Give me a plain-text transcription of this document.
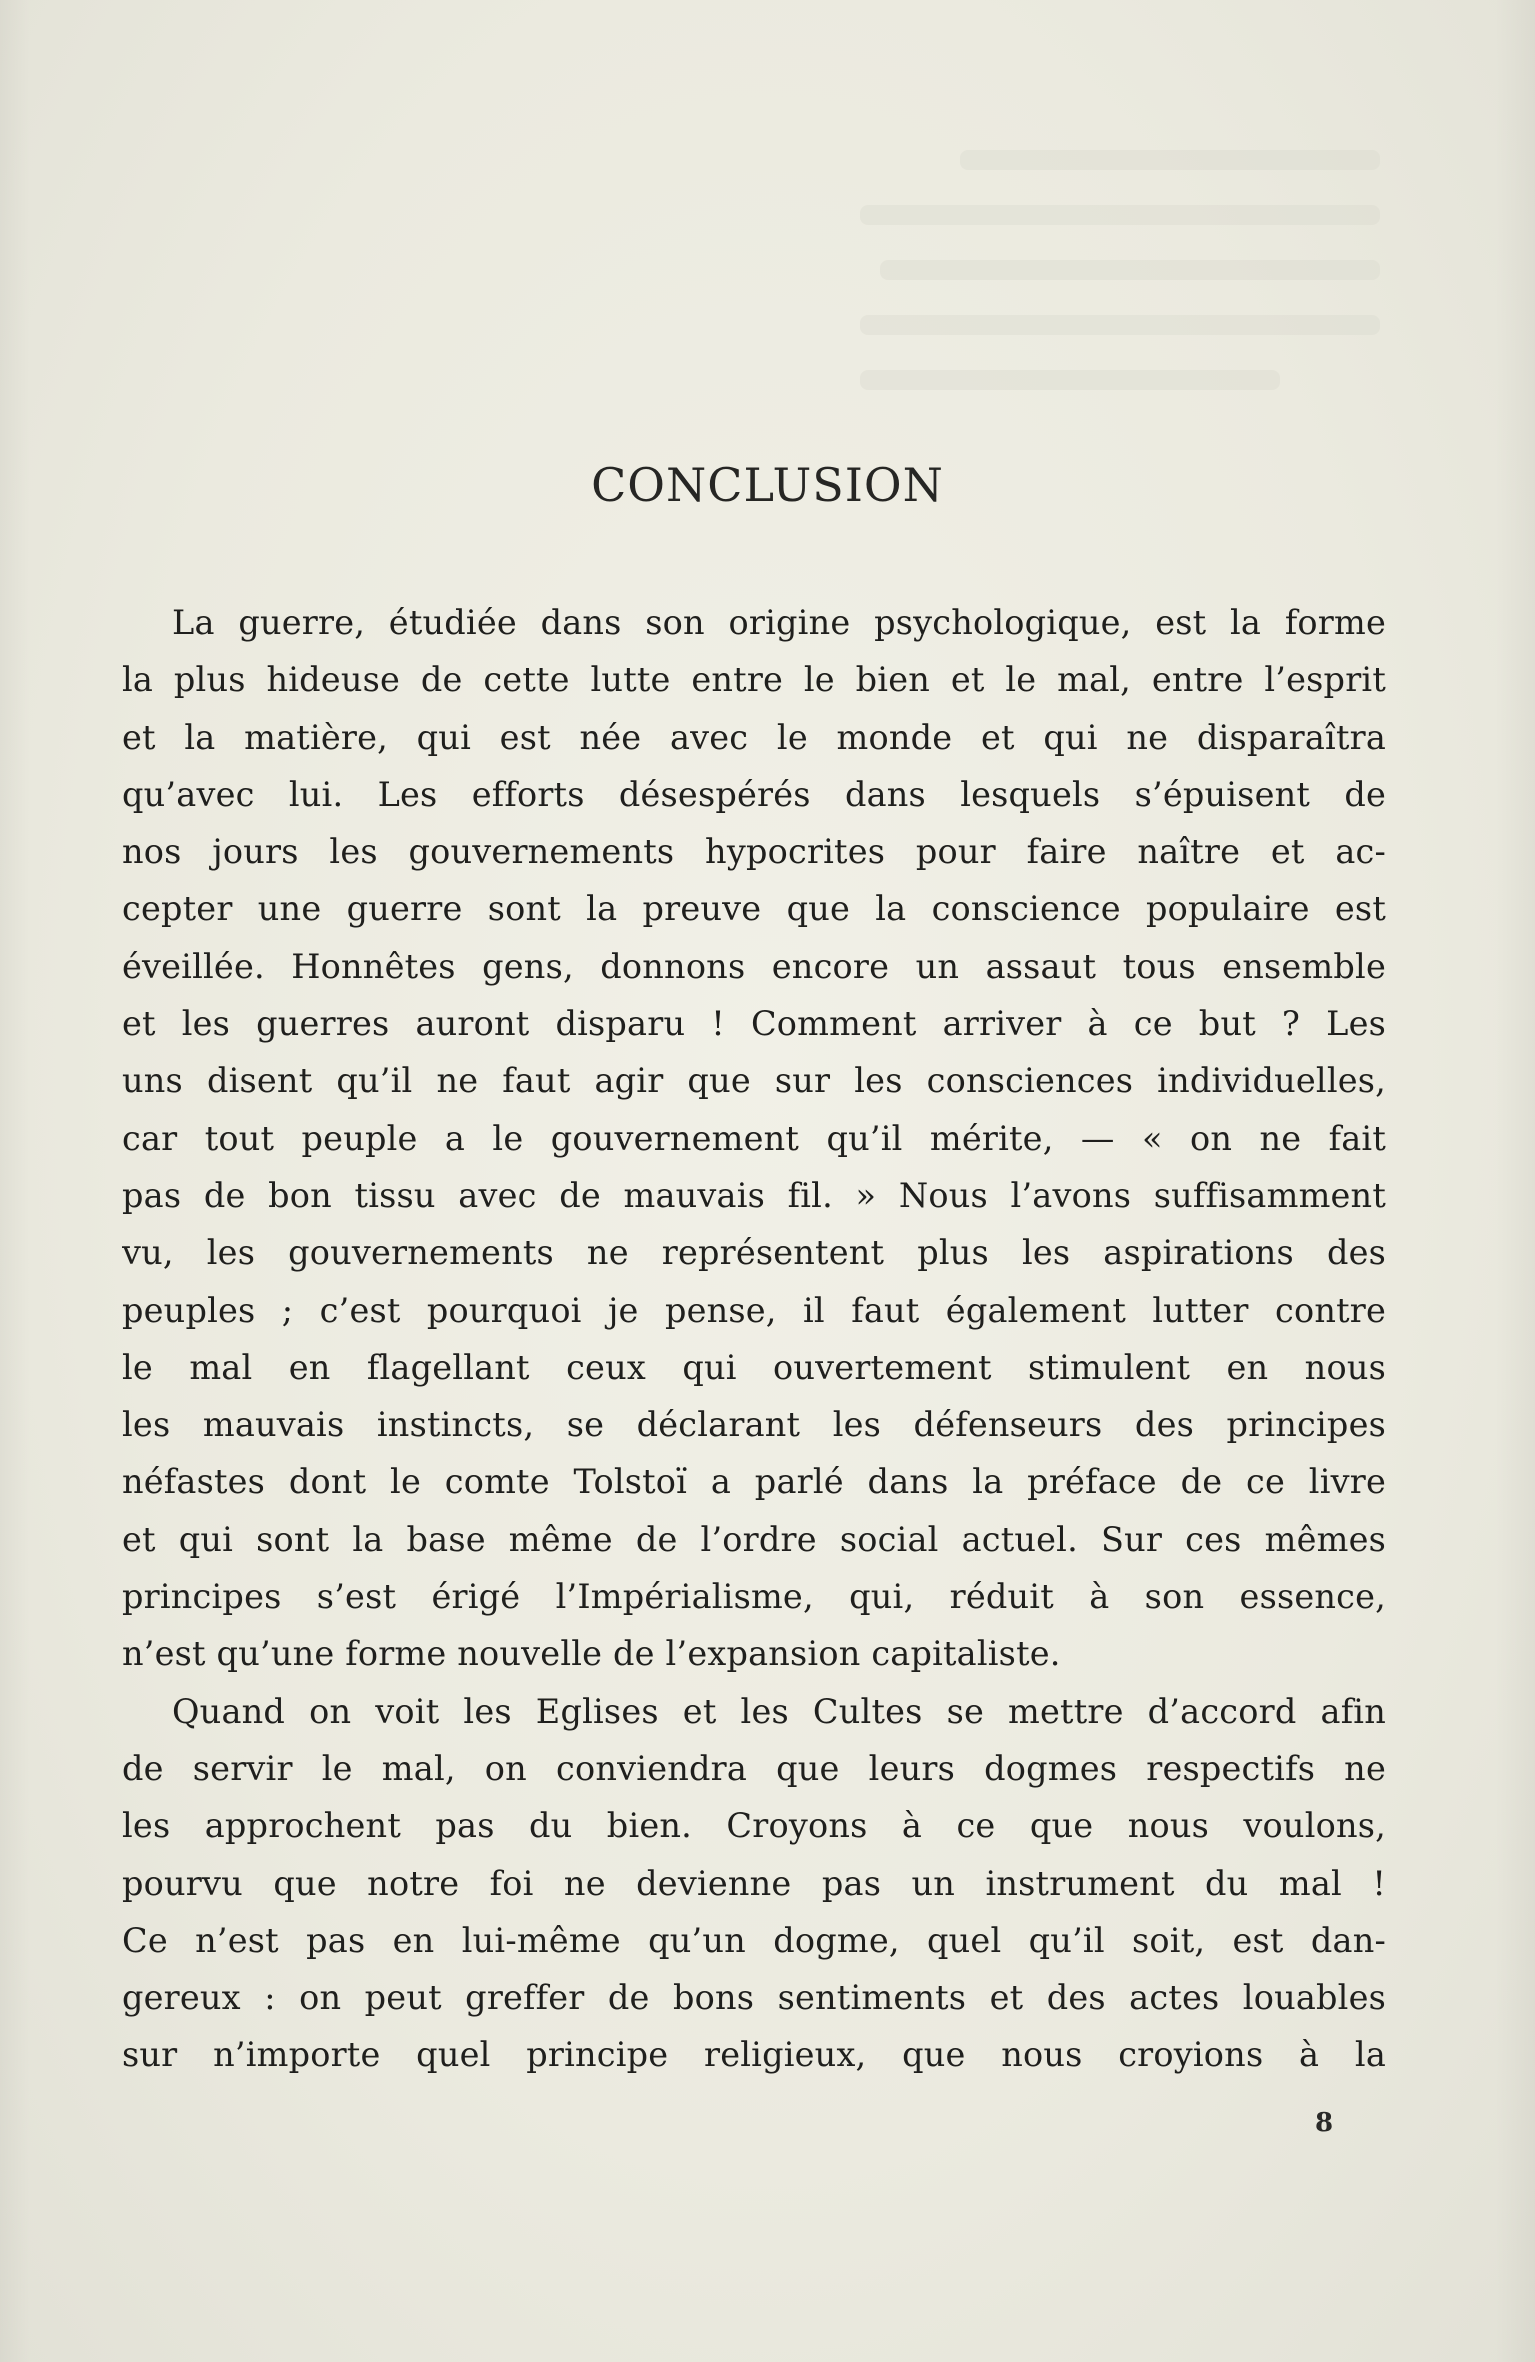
CONCLUSION

La guerre, étudiée dans son origine psychologique, est la forme
la plus hideuse de cette lutte entre le bien et le mal, entre l’esprit
et la matière, qui est née avec le monde et qui ne disparaîtra
qu’avec lui. Les efforts désespérés dans lesquels s’épuisent de
nos jours les gouvernements hypocrites pour faire naître et ac-
cepter une guerre sont la preuve que la conscience populaire est
éveillée. Honnêtes gens, donnons encore un assaut tous ensemble
et les guerres auront disparu ! Comment arriver à ce but ? Les
uns disent qu’il ne faut agir que sur les consciences individuelles,
car tout peuple a le gouvernement qu’il mérite, — « on ne fait
pas de bon tissu avec de mauvais fil. » Nous l’avons suffisamment
vu, les gouvernements ne représentent plus les aspirations des
peuples ; c’est pourquoi je pense, il faut également lutter contre
le mal en flagellant ceux qui ouvertement stimulent en nous
les mauvais instincts, se déclarant les défenseurs des principes
néfastes dont le comte Tolstoï a parlé dans la préface de ce livre
et qui sont la base même de l’ordre social actuel. Sur ces mêmes
principes s’est érigé l’Impérialisme, qui, réduit à son essence,
n’est qu’une forme nouvelle de l’expansion capitaliste.

Quand on voit les Eglises et les Cultes se mettre d’accord afin
de servir le mal, on conviendra que leurs dogmes respectifs ne
les approchent pas du bien. Croyons à ce que nous voulons,
pourvu que notre foi ne devienne pas un instrument du mal !
Ce n’est pas en lui-même qu’un dogme, quel qu’il soit, est dan-
gereux : on peut greffer de bons sentiments et des actes louables
sur n’importe quel principe religieux, que nous croyions à la

8
